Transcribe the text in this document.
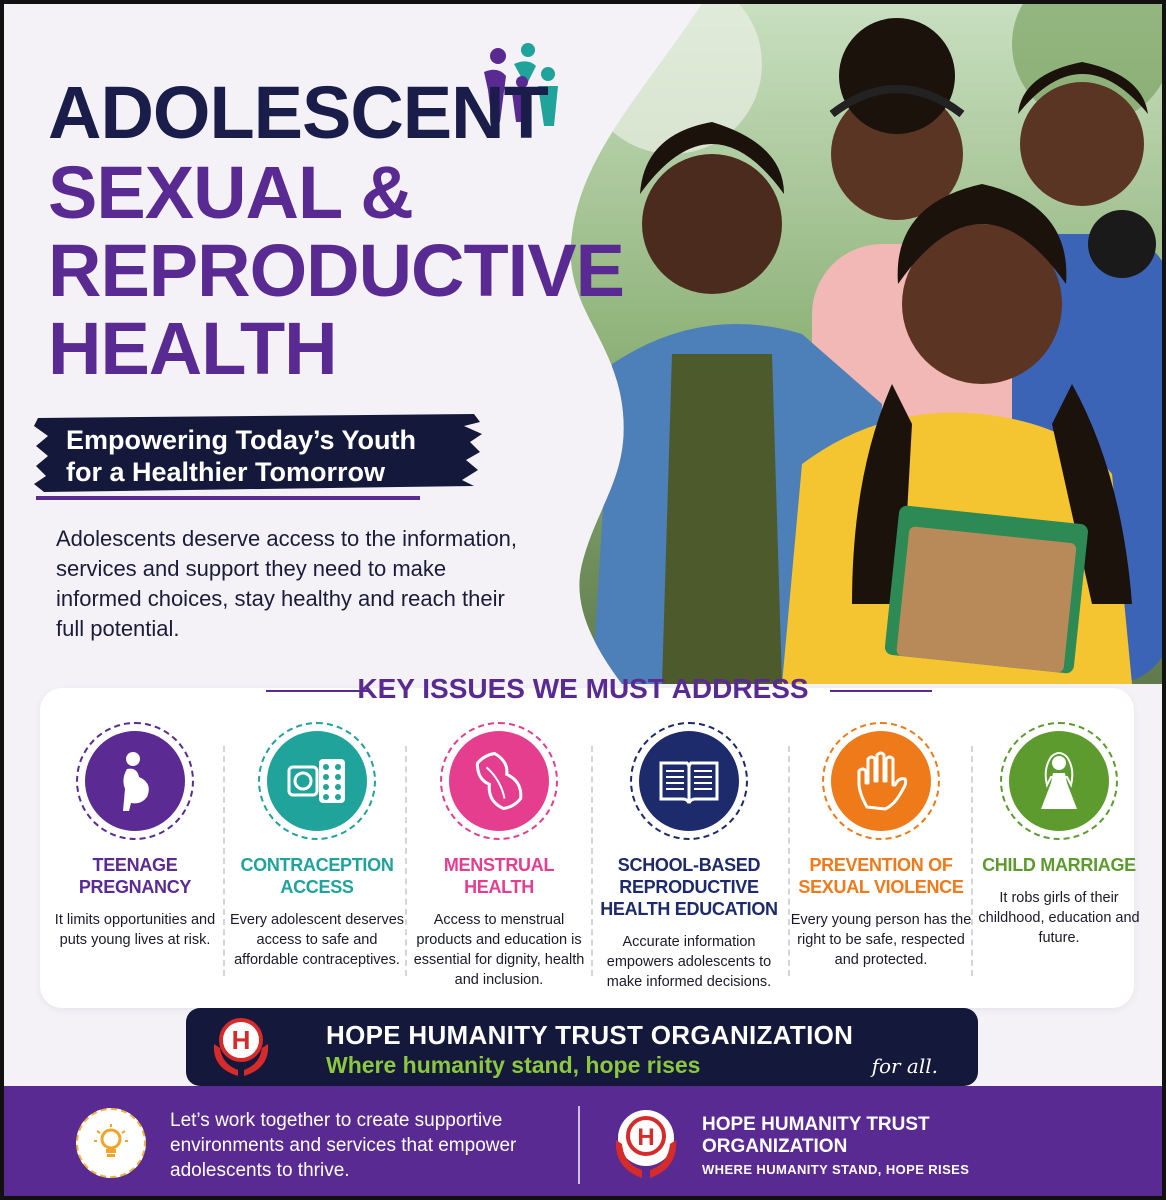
ADOLESCENT
SEXUAL &
REPRODUCTIVE
HEALTH
Empowering Today’s Youth
for a Healthier Tomorrow
Adolescents deserve access to the information, services and support they need to make informed choices, stay healthy and reach their full potential.
KEY ISSUES WE MUST ADDRESS
TEENAGE PREGNANCY
It limits opportunities and puts young lives at risk.
CONTRACEPTION ACCESS
Every adolescent deserves access to safe and affordable contraceptives.
MENSTRUAL HEALTH
Access to menstrual products and education is essential for dignity, health and inclusion.
SCHOOL-BASED REPRODUCTIVE HEALTH EDUCATION
Accurate information empowers adolescents to make informed decisions.
PREVENTION OF SEXUAL VIOLENCE
Every young person has the right to be safe, respected and protected.
CHILD MARRIAGE
It robs girls of their childhood, education and future.
H	HOPE HUMANITY TRUST ORGANIZATION
Where humanity stand, hope rises	for all.
Let’s work together to create supportive environments and services that empower adolescents to thrive.
H HOPE HUMANITY TRUST
ORGANIZATION
WHERE HUMANITY STAND, HOPE RISES
